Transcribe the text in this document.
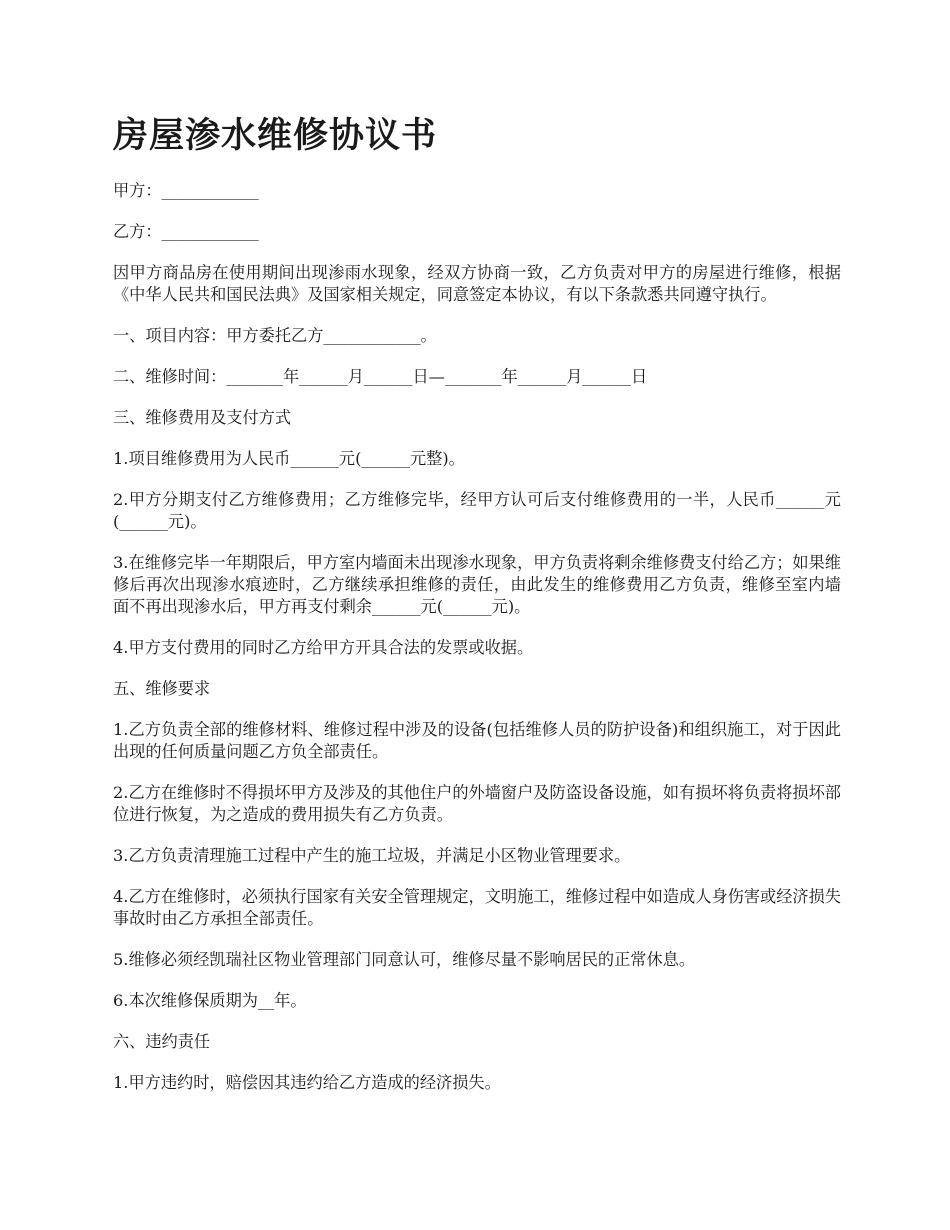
房屋渗水维修协议书

甲方：____________

乙方：____________

因甲方商品房在使用期间出现渗雨水现象，经双方协商一致，乙方负责对甲方的房屋进行维修，根据《中华人民共和国民法典》及国家相关规定，同意签定本协议，有以下条款悉共同遵守执行。

一、项目内容：甲方委托乙方____________。

二、维修时间：_______年______月______日—_______年______月______日

三、维修费用及支付方式

1.项目维修费用为人民币______元(______元整)。

2.甲方分期支付乙方维修费用；乙方维修完毕，经甲方认可后支付维修费用的一半，人民币______元(______元)。

3.在维修完毕一年期限后，甲方室内墙面未出现渗水现象，甲方负责将剩余维修费支付给乙方；如果维修后再次出现渗水痕迹时，乙方继续承担维修的责任，由此发生的维修费用乙方负责，维修至室内墙面不再出现渗水后，甲方再支付剩余______元(______元)。

4.甲方支付费用的同时乙方给甲方开具合法的发票或收据。

五、维修要求

1.乙方负责全部的维修材料、维修过程中涉及的设备(包括维修人员的防护设备)和组织施工，对于因此出现的任何质量问题乙方负全部责任。

2.乙方在维修时不得损坏甲方及涉及的其他住户的外墙窗户及防盗设备设施，如有损坏将负责将损坏部位进行恢复，为之造成的费用损失有乙方负责。

3.乙方负责清理施工过程中产生的施工垃圾，并满足小区物业管理要求。

4.乙方在维修时，必须执行国家有关安全管理规定，文明施工，维修过程中如造成人身伤害或经济损失事故时由乙方承担全部责任。

5.维修必须经凯瑞社区物业管理部门同意认可，维修尽量不影响居民的正常休息。

6.本次维修保质期为__年。

六、违约责任

1.甲方违约时，赔偿因其违约给乙方造成的经济损失。
